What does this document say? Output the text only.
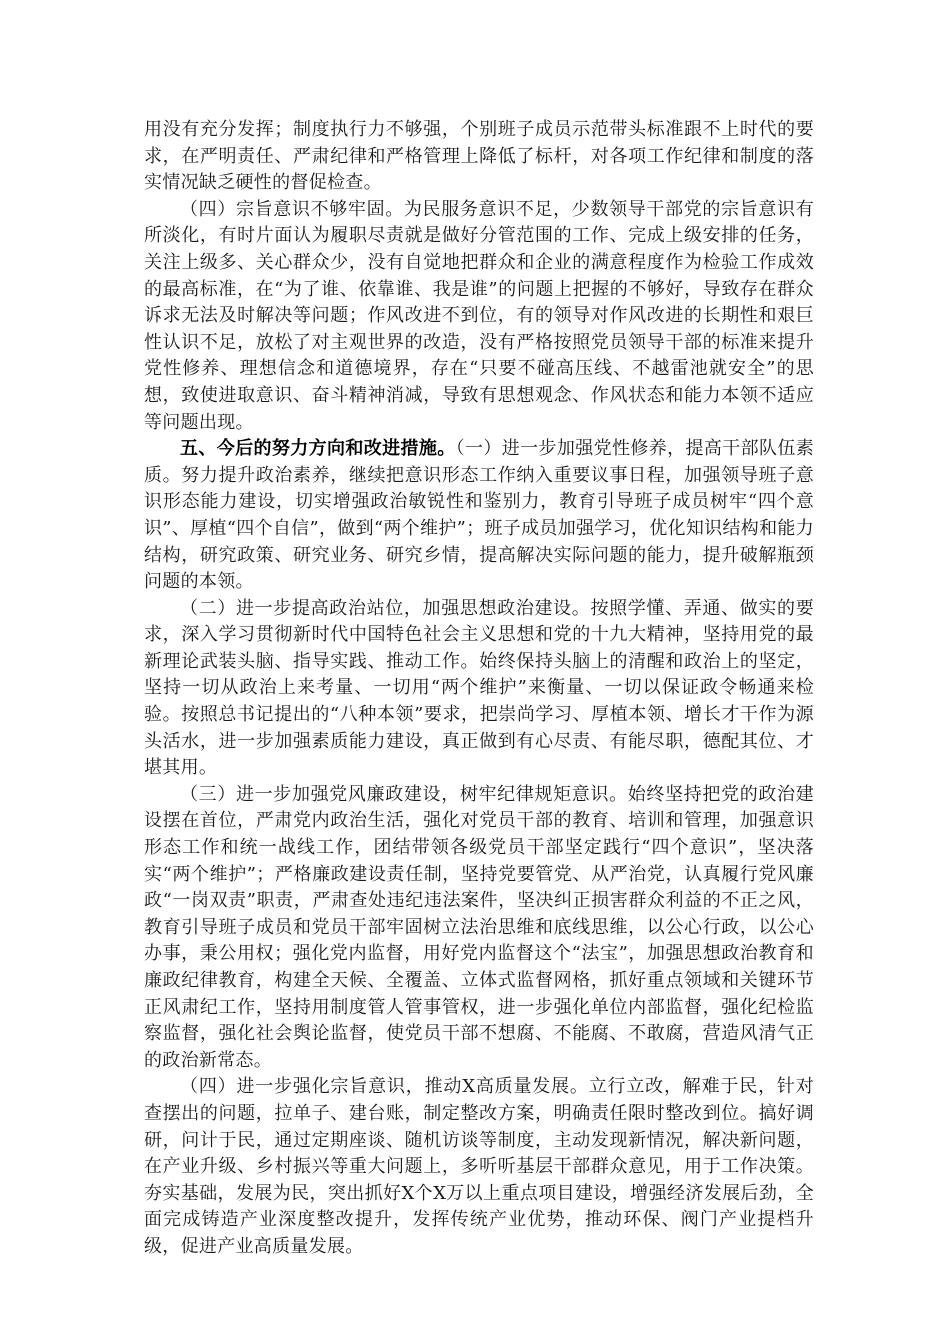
用没有充分发挥；制度执行力不够强，个别班子成员示范带头标准跟不上时代的要求，在严明责任、严肃纪律和严格管理上降低了标杆，对各项工作纪律和制度的落实情况缺乏硬性的督促检查。

（四）宗旨意识不够牢固。为民服务意识不足，少数领导干部党的宗旨意识有所淡化，有时片面认为履职尽责就是做好分管范围的工作、完成上级安排的任务，关注上级多、关心群众少，没有自觉地把群众和企业的满意程度作为检验工作成效的最高标准，在“为了谁、依靠谁、我是谁”的问题上把握的不够好，导致存在群众诉求无法及时解决等问题；作风改进不到位，有的领导对作风改进的长期性和艰巨性认识不足，放松了对主观世界的改造，没有严格按照党员领导干部的标准来提升党性修养、理想信念和道德境界，存在“只要不碰高压线、不越雷池就安全”的思想，致使进取意识、奋斗精神消减，导致有思想观念、作风状态和能力本领不适应等问题出现。

五、今后的努力方向和改进措施。（一）进一步加强党性修养，提高干部队伍素质。努力提升政治素养，继续把意识形态工作纳入重要议事日程，加强领导班子意识形态能力建设，切实增强政治敏锐性和鉴别力，教育引导班子成员树牢“四个意识”、厚植“四个自信”，做到“两个维护”；班子成员加强学习，优化知识结构和能力结构，研究政策、研究业务、研究乡情，提高解决实际问题的能力，提升破解瓶颈问题的本领。

（二）进一步提高政治站位，加强思想政治建设。按照学懂、弄通、做实的要求，深入学习贯彻新时代中国特色社会主义思想和党的十九大精神，坚持用党的最新理论武装头脑、指导实践、推动工作。始终保持头脑上的清醒和政治上的坚定，坚持一切从政治上来考量、一切用“两个维护”来衡量、一切以保证政令畅通来检验。按照总书记提出的“八种本领”要求，把崇尚学习、厚植本领、增长才干作为源头活水，进一步加强素质能力建设，真正做到有心尽责、有能尽职，德配其位、才堪其用。

（三）进一步加强党风廉政建设，树牢纪律规矩意识。始终坚持把党的政治建设摆在首位，严肃党内政治生活，强化对党员干部的教育、培训和管理，加强意识形态工作和统一战线工作，团结带领各级党员干部坚定践行“四个意识”，坚决落实“两个维护”；严格廉政建设责任制，坚持党要管党、从严治党，认真履行党风廉政“一岗双责”职责，严肃查处违纪违法案件，坚决纠正损害群众利益的不正之风，教育引导班子成员和党员干部牢固树立法治思维和底线思维，以公心行政，以公心办事，秉公用权；强化党内监督，用好党内监督这个“法宝”，加强思想政治教育和廉政纪律教育，构建全天候、全覆盖、立体式监督网格，抓好重点领域和关键环节正风肃纪工作，坚持用制度管人管事管权，进一步强化单位内部监督，强化纪检监察监督，强化社会舆论监督，使党员干部不想腐、不能腐、不敢腐，营造风清气正的政治新常态。

（四）进一步强化宗旨意识，推动X高质量发展。立行立改，解难于民，针对查摆出的问题，拉单子、建台账，制定整改方案，明确责任限时整改到位。搞好调研，问计于民，通过定期座谈、随机访谈等制度，主动发现新情况，解决新问题，在产业升级、乡村振兴等重大问题上，多听听基层干部群众意见，用于工作决策。夯实基础，发展为民，突出抓好X个X万以上重点项目建设，增强经济发展后劲，全面完成铸造产业深度整改提升，发挥传统产业优势，推动环保、阀门产业提档升级，促进产业高质量发展。
